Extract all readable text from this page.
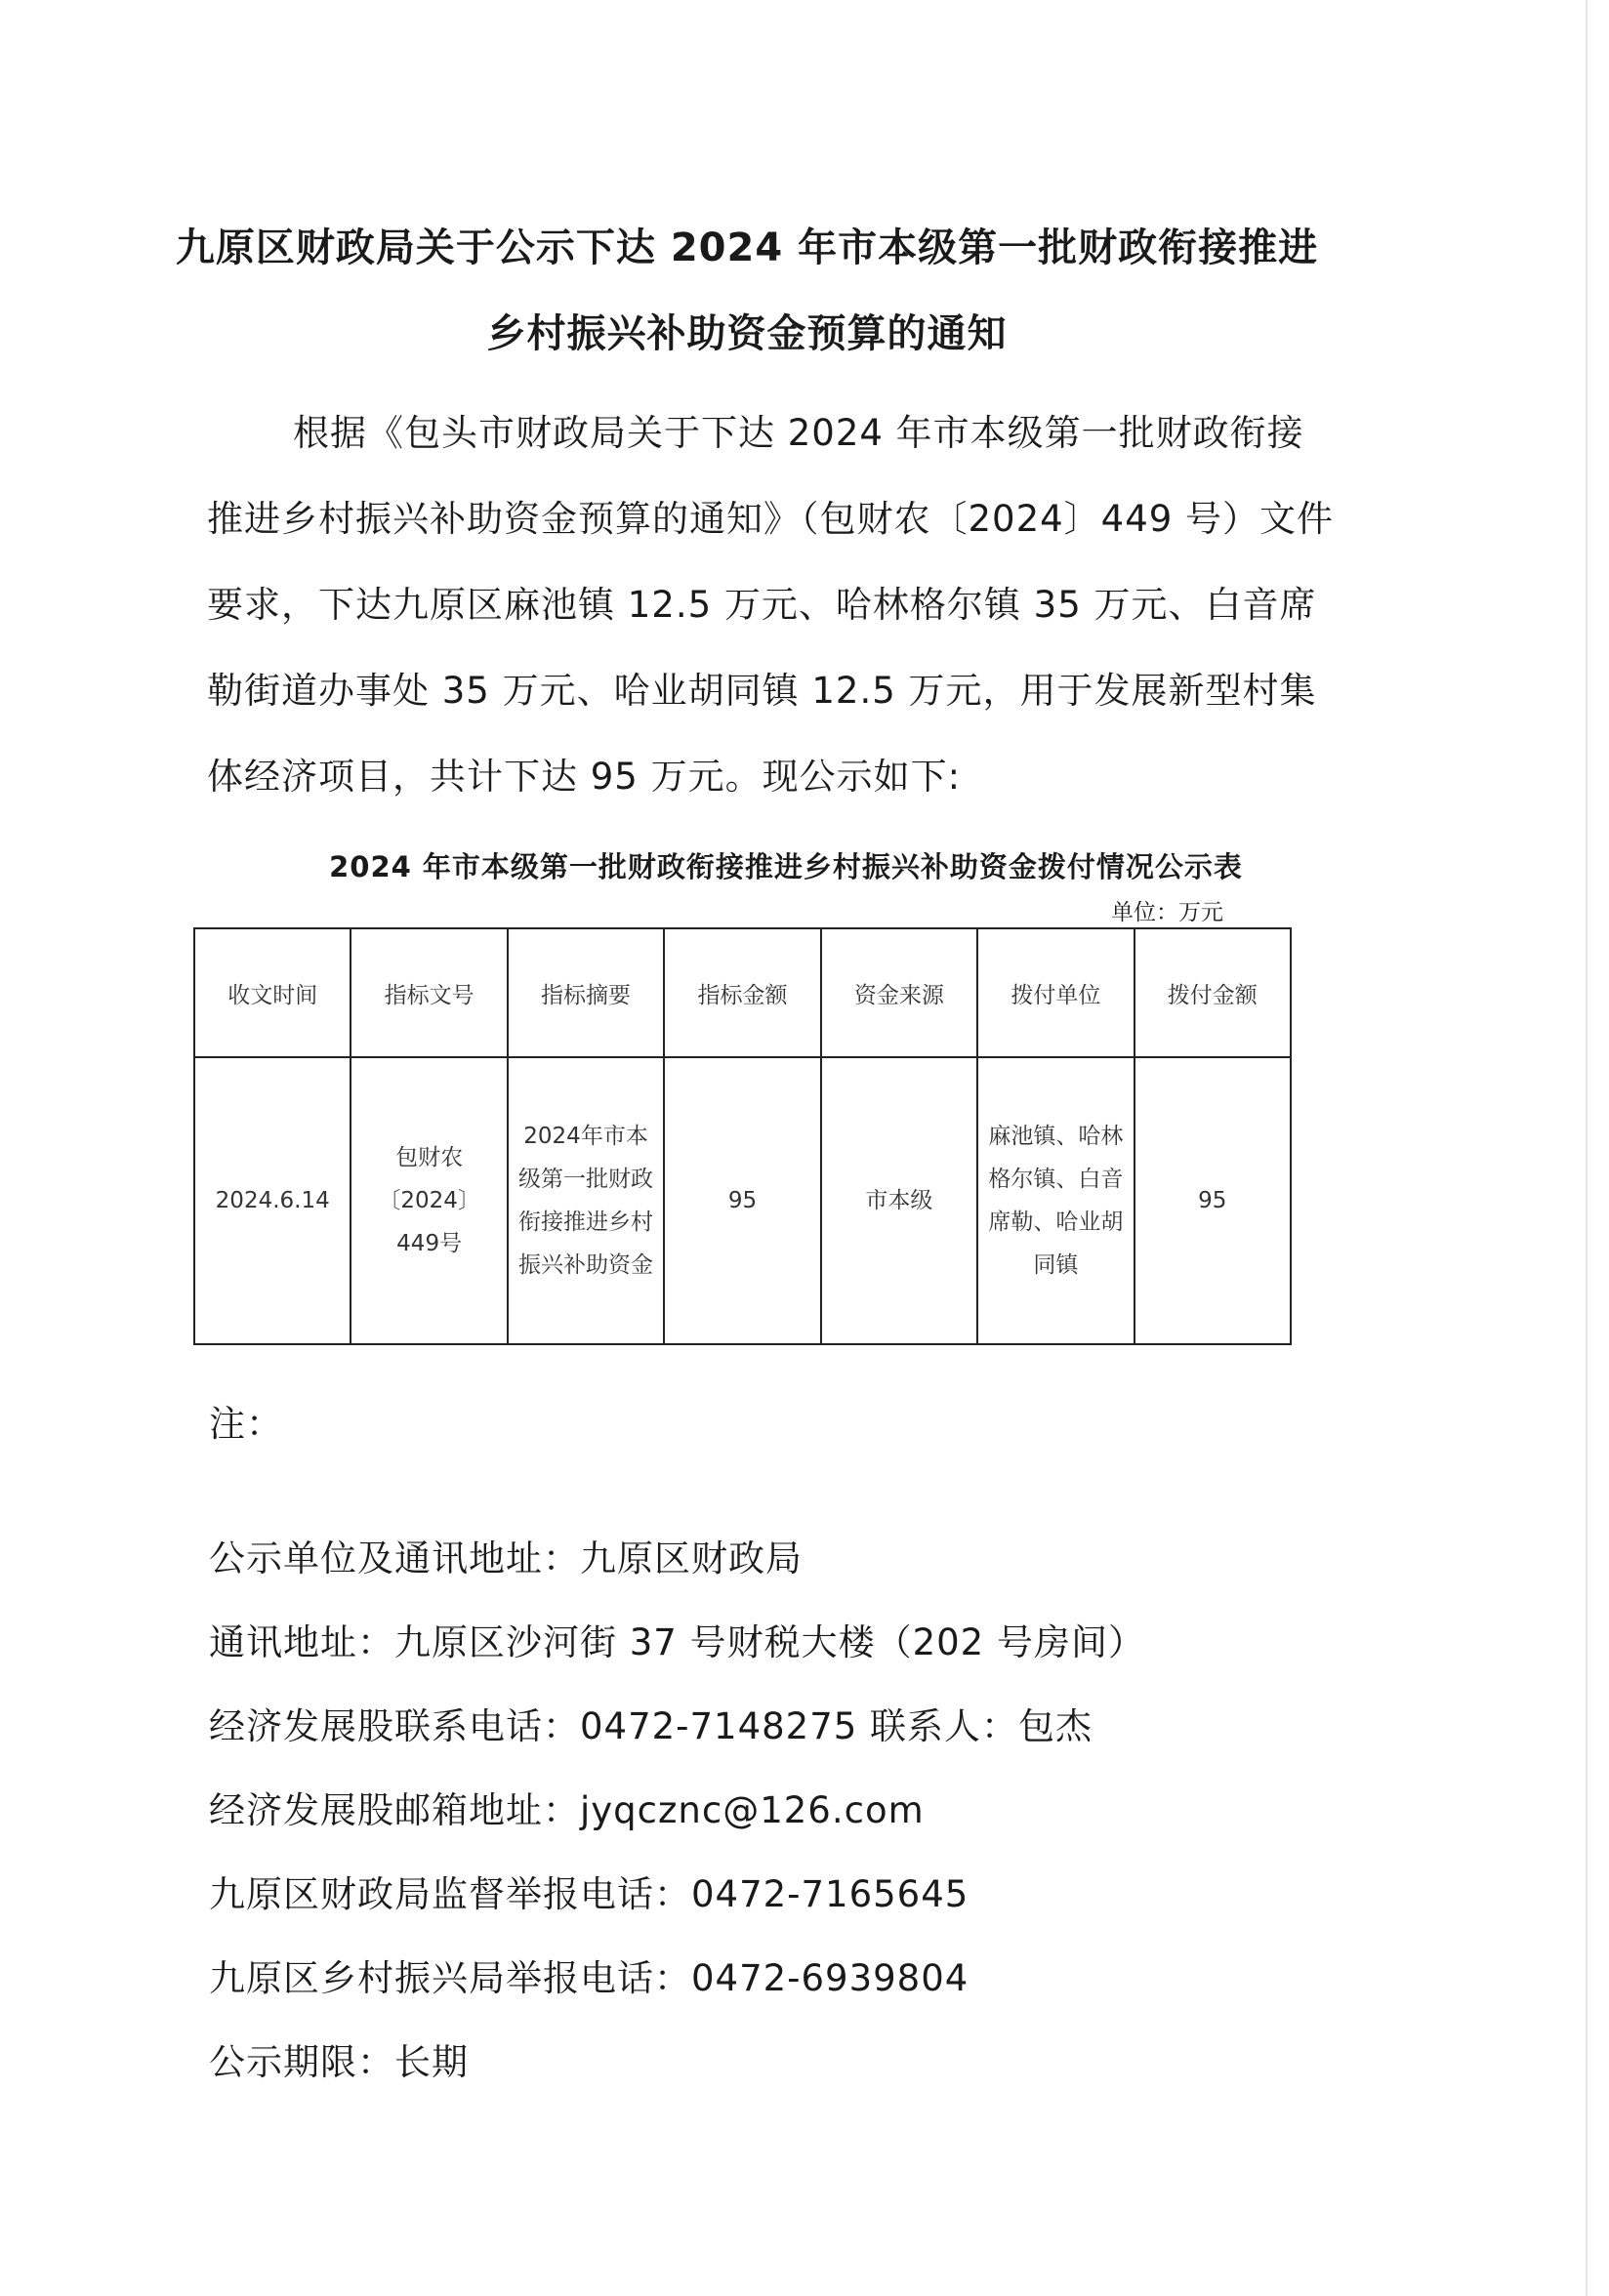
九原区财政局关于公示下达 2024 年市本级第一批财政衔接推进
乡村振兴补助资金预算的通知
根据《包头市财政局关于下达 2024 年市本级第一批财政衔接推进乡村振兴补助资金预算的通知》（包财农〔2024〕449 号）文件要求，下达九原区麻池镇 12.5 万元、哈林格尔镇 35 万元、白音席勒街道办事处 35 万元、哈业胡同镇 12.5 万元，用于发展新型村集体经济项目，共计下达 95 万元。现公示如下:
2024 年市本级第一批财政衔接推进乡村振兴补助资金拨付情况公示表
单位：万元
收文时间	指标文号	指标摘要	指标金额	资金来源	拨付单位	拨付金额
2024.6.14	包财农〔2024〕449号	2024年市本级第一批财政衔接推进乡村振兴补助资金	95	市本级	麻池镇、哈林格尔镇、白音席勒、哈业胡同镇	95
注：
公示单位及通讯地址：九原区财政局
通讯地址：九原区沙河街 37 号财税大楼（202 号房间）
经济发展股联系电话：0472-7148275 联系人：包杰
经济发展股邮箱地址：jyqcznc@126.com
九原区财政局监督举报电话：0472-7165645
九原区乡村振兴局举报电话：0472-6939804
公示期限：长期
